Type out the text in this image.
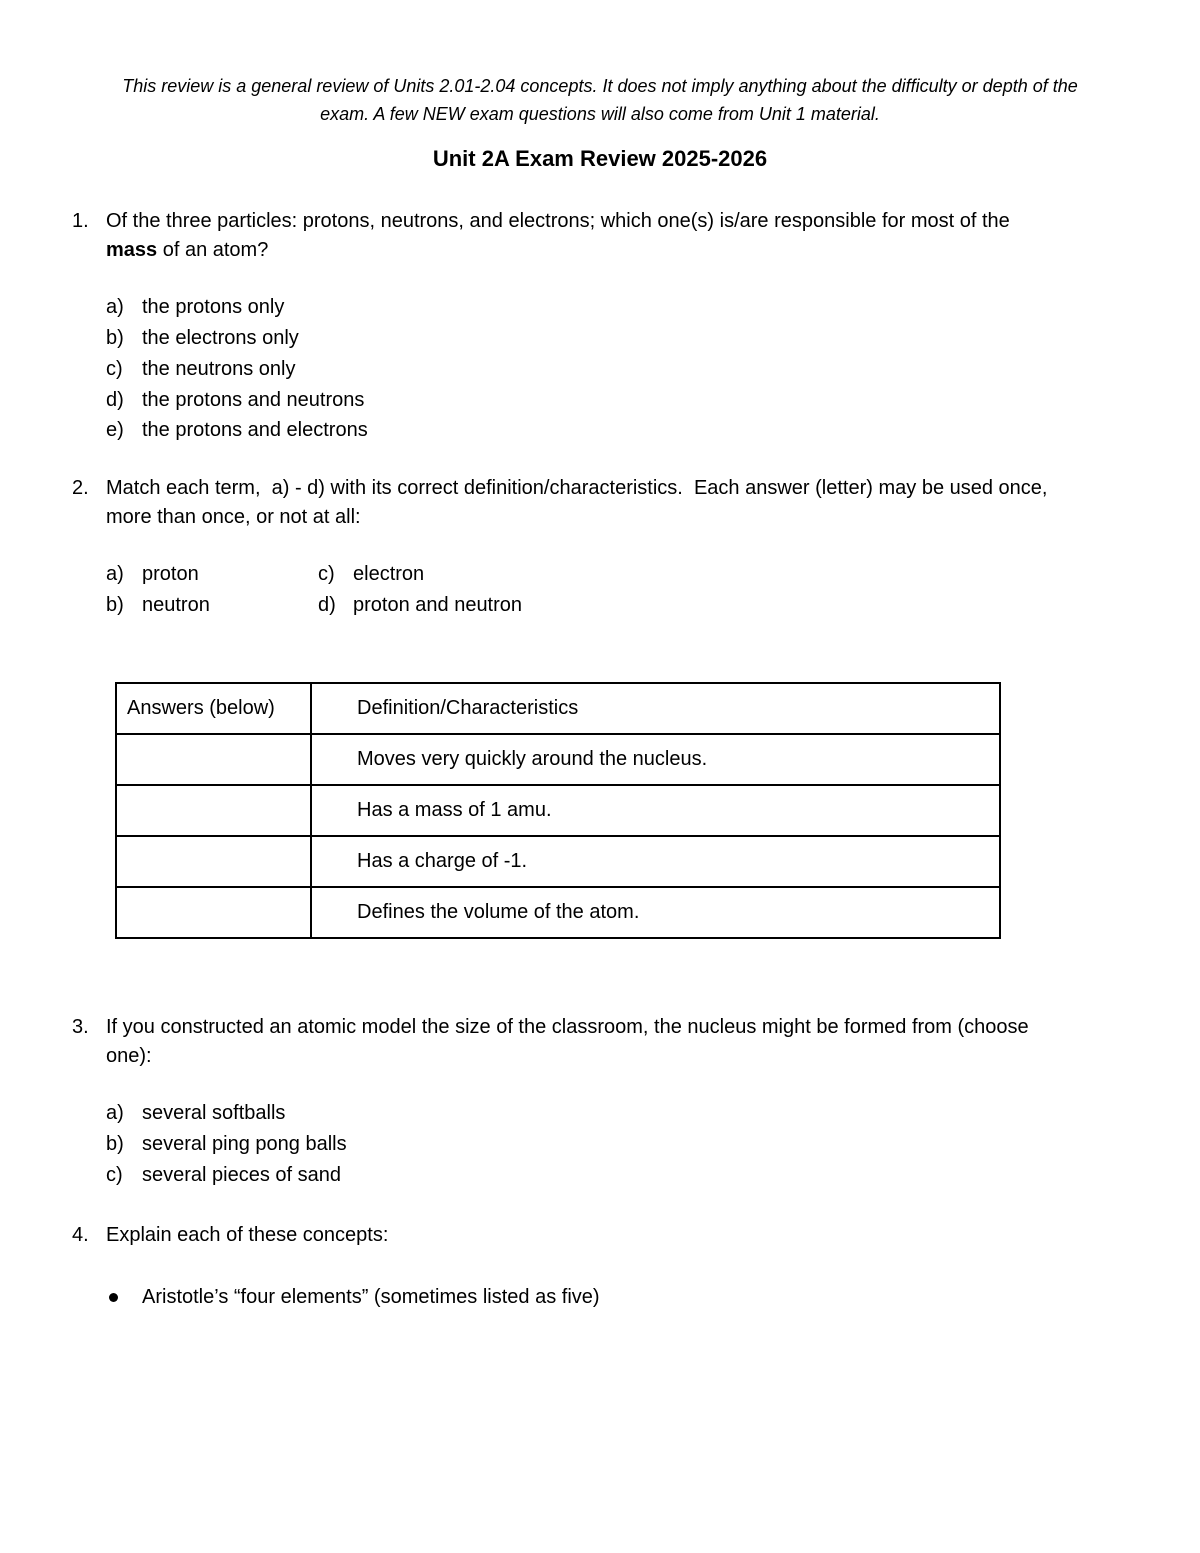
This review is a general review of Units 2.01-2.04 concepts. It does not imply anything about the difficulty or depth of the
exam. A few NEW exam questions will also come from Unit 1 material.
Unit 2A Exam Review 2025-2026
1. Of the three particles: protons, neutrons, and electrons; which one(s) is/are responsible for most of the
mass of an atom?
a) the protons only
b) the electrons only
c) the neutrons only
d) the protons and neutrons
e) the protons and electrons
2. Match each term,  a) - d) with its correct definition/characteristics.  Each answer (letter) may be used once,
more than once, or not at all:
a) proton
b) neutron
c) electron
d) proton and neutron
Answers (below)	Definition/Characteristics
	Moves very quickly around the nucleus.
	Has a mass of 1 amu.
	Has a charge of -1.
	Defines the volume of the atom.
3. If you constructed an atomic model the size of the classroom, the nucleus might be formed from (choose
one):
a) several softballs
b) several ping pong balls
c) several pieces of sand
4. Explain each of these concepts:
Aristotle’s “four elements” (sometimes listed as five)
